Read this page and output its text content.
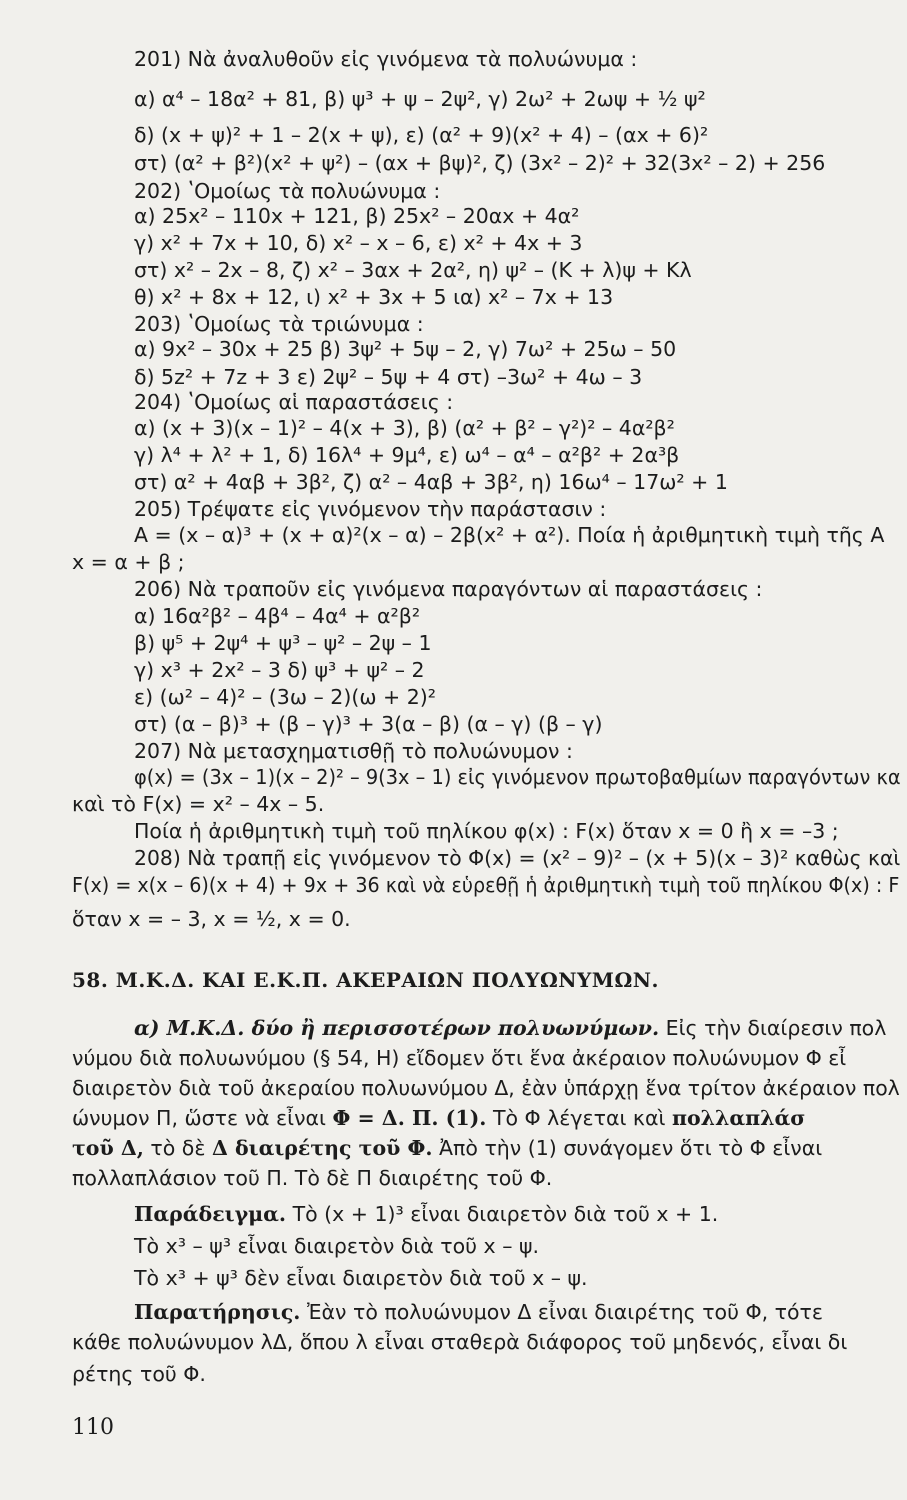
201) Νὰ ἀναλυθοῦν εἰς γινόμενα τὰ πολυώνυμα :
α) α⁴ – 18α² + 81, β) ψ³ + ψ – 2ψ², γ) 2ω² + 2ωψ + ½ ψ²
δ) (x + ψ)² + 1 – 2(x + ψ), ε) (α² + 9)(x² + 4) – (αx + 6)²
στ) (α² + β²)(x² + ψ²) – (αx + βψ)², ζ) (3x² – 2)² + 32(3x² – 2) + 256
202) ʽΟμοίως τὰ πολυώνυμα :
α) 25x² – 110x + 121, β) 25x² – 20αx + 4α²
γ) x² + 7x + 10, δ) x² – x – 6, ε) x² + 4x + 3
στ) x² – 2x – 8, ζ) x² – 3αx + 2α², η) ψ² – (K + λ)ψ + Kλ
θ) x² + 8x + 12, ι) x² + 3x + 5 ια) x² – 7x + 13
203) ʽΟμοίως τὰ τριώνυμα :
α) 9x² – 30x + 25 β) 3ψ² + 5ψ – 2, γ) 7ω² + 25ω – 50
δ) 5z² + 7z + 3 ε) 2ψ² – 5ψ + 4 στ) –3ω² + 4ω – 3
204) ʽΟμοίως αἱ παραστάσεις :
α) (x + 3)(x – 1)² – 4(x + 3), β) (α² + β² – γ²)² – 4α²β²
γ) λ⁴ + λ² + 1, δ) 16λ⁴ + 9μ⁴, ε) ω⁴ – α⁴ – α²β² + 2α³β
στ) α² + 4αβ + 3β², ζ) α² – 4αβ + 3β², η) 16ω⁴ – 17ω² + 1
205) Τρέψατε εἰς γινόμενον τὴν παράστασιν :
A = (x – α)³ + (x + α)²(x – α) – 2β(x² + α²). Ποία ἡ ἀριθμητικὴ τιμὴ τῆς A
x = α + β ;
206) Νὰ τραποῦν εἰς γινόμενα παραγόντων αἱ παραστάσεις :
α) 16α²β² – 4β⁴ – 4α⁴ + α²β²
β) ψ⁵ + 2ψ⁴ + ψ³ – ψ² – 2ψ – 1
γ) x³ + 2x² – 3 δ) ψ³ + ψ² – 2
ε) (ω² – 4)² – (3ω – 2)(ω + 2)²
στ) (α – β)³ + (β – γ)³ + 3(α – β) (α – γ) (β – γ)
207) Νὰ μετασχηματισθῇ τὸ πολυώνυμον :
φ(x) = (3x – 1)(x – 2)² – 9(3x – 1) εἰς γινόμενον πρωτοβαθμίων παραγόντων κα
καὶ τὸ F(x) = x² – 4x – 5.
Ποία ἡ ἀριθμητικὴ τιμὴ τοῦ πηλίκου φ(x) : F(x) ὅταν x = 0 ἢ x = –3 ;
208) Νὰ τραπῇ εἰς γινόμενον τὸ Φ(x) = (x² – 9)² – (x + 5)(x – 3)² καθὼς καὶ
F(x) = x(x – 6)(x + 4) + 9x + 36 καὶ νὰ εὑρεθῇ ἡ ἀριθμητικὴ τιμὴ τοῦ πηλίκου Φ(x) : F
ὅταν x = – 3, x = ½, x = 0.
58. Μ.Κ.Δ. ΚΑΙ Ε.Κ.Π. ΑΚΕΡΑΙΩΝ ΠΟΛΥΩΝΥΜΩΝ.
α) Μ.Κ.Δ. δύο ἢ περισσοτέρων πολυωνύμων. Εἰς τὴν διαίρεσιν πολ
νύμου διὰ πολυωνύμου (§ 54, H) εἴδομεν ὅτι ἕνα ἀκέραιον πολυώνυμον Φ εἶ
διαιρετὸν διὰ τοῦ ἀκεραίου πολυωνύμου Δ, ἐὰν ὑπάρχῃ ἕνα τρίτον ἀκέραιον πολ
ώνυμον Π, ὥστε νὰ εἶναι Φ = Δ. Π. (1). Τὸ Φ λέγεται καὶ πολλαπλάσ
τοῦ Δ, τὸ δὲ Δ διαιρέτης τοῦ Φ. Ἀπὸ τὴν (1) συνάγομεν ὅτι τὸ Φ εἶναι
πολλαπλάσιον τοῦ Π. Τὸ δὲ Π διαιρέτης τοῦ Φ.
Παράδειγμα. Τὸ (x + 1)³ εἶναι διαιρετὸν διὰ τοῦ x + 1.
Τὸ x³ – ψ³ εἶναι διαιρετὸν διὰ τοῦ x – ψ.
Τὸ x³ + ψ³ δὲν εἶναι διαιρετὸν διὰ τοῦ x – ψ.
Παρατήρησις. Ἐὰν τὸ πολυώνυμον Δ εἶναι διαιρέτης τοῦ Φ, τότε
κάθε πολυώνυμον λΔ, ὅπου λ εἶναι σταθερὰ διάφορος τοῦ μηδενός, εἶναι δι
ρέτης τοῦ Φ.
110
